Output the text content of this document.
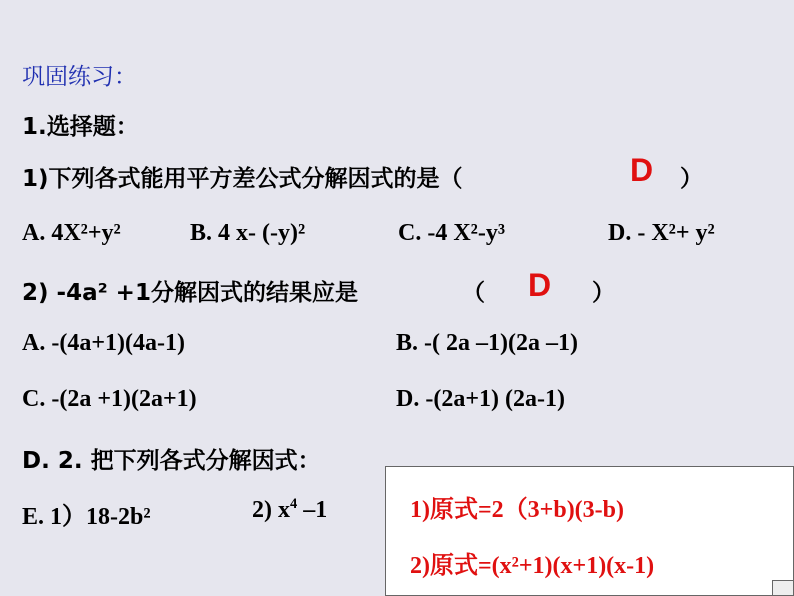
巩固练习：
1.选择题：
1)下列各式能用平方差公式分解因式的是（	D ）
A. 4X²+y²	B. 4 x- (-y)²	C. -4 X²-y³	D. - X²+ y²
2) -4a² +1分解因式的结果应是	（ D ）
A. -(4a+1)(4a-1)	B. -( 2a –1)(2a –1)
C. -(2a +1)(2a+1)	D. -(2a+1) (2a-1)
D. 2. 把下列各式分解因式：
E. 1）18-2b²	2) $x^4$ –1	1)原式=2（3+b)(3-b)
2)原式=(x²+1)(x+1)(x-1)
